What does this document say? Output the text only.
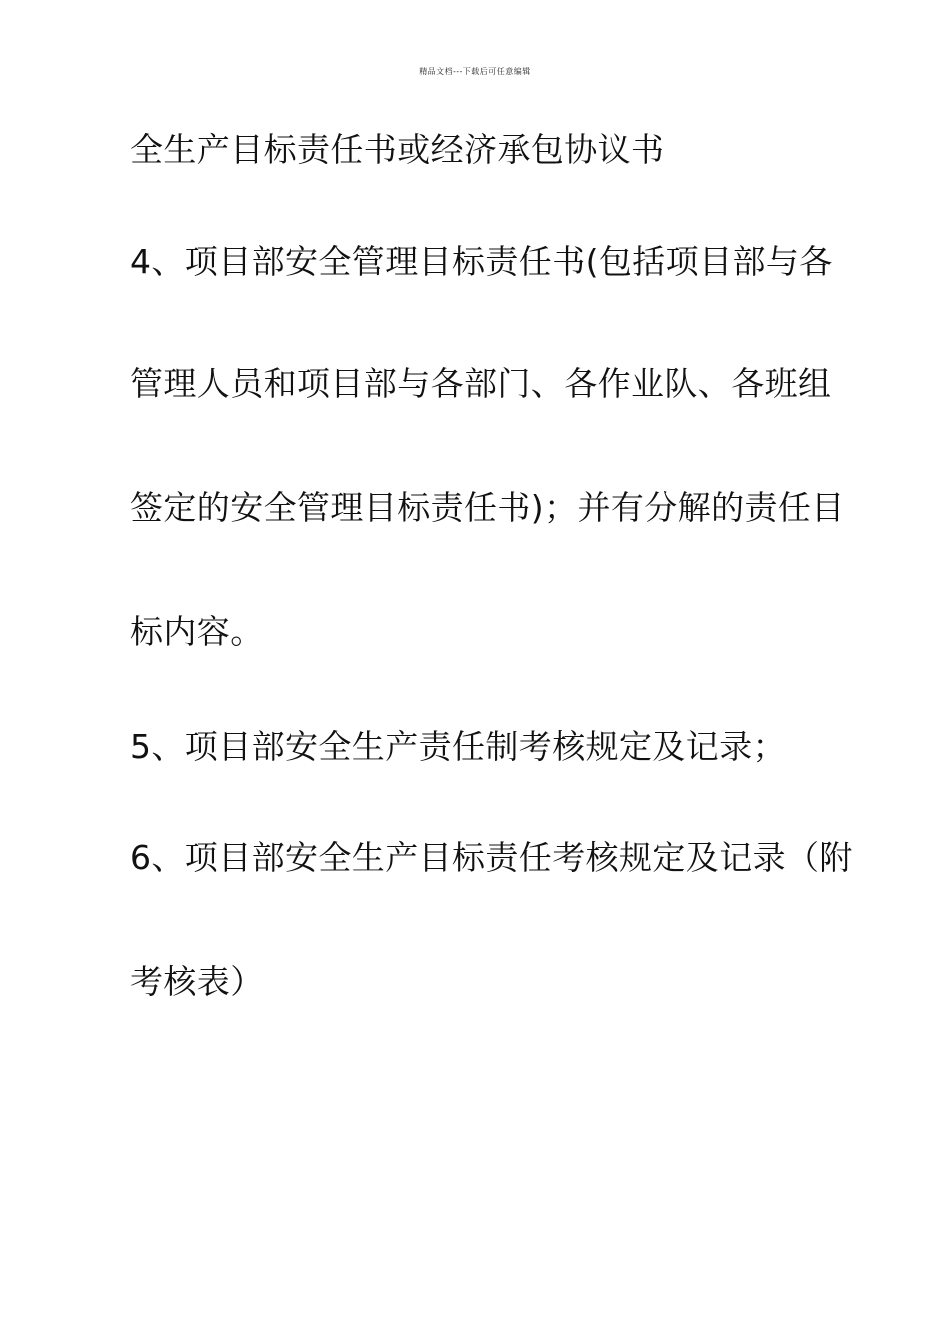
精品文档---下载后可任意编辑
全生产目标责任书或经济承包协议书
4、项目部安全管理目标责任书(包括项目部与各
管理人员和项目部与各部门、各作业队、各班组
签定的安全管理目标责任书)；并有分解的责任目
标内容。
5、项目部安全生产责任制考核规定及记录；
6、项目部安全生产目标责任考核规定及记录（附
考核表）
